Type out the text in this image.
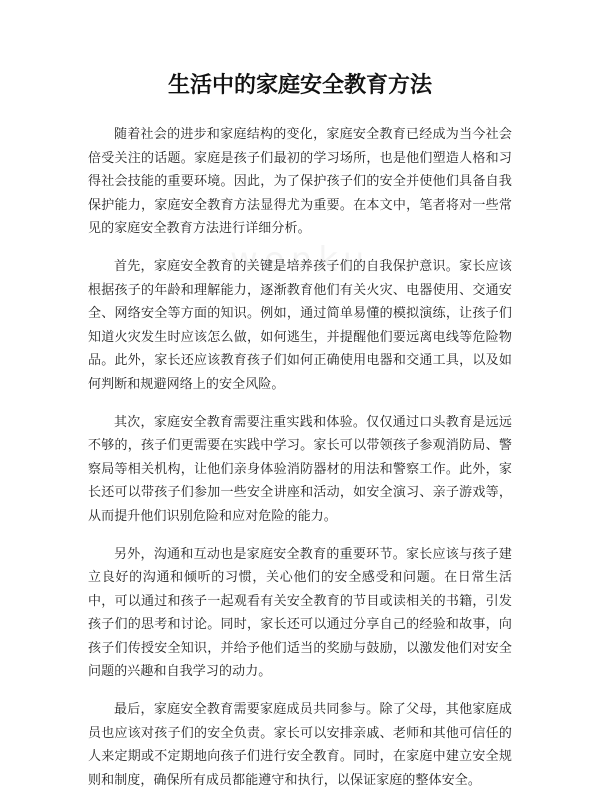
生活中的家庭安全教育方法

随着社会的进步和家庭结构的变化，家庭安全教育已经成为当今社会倍受关注的话题。家庭是孩子们最初的学习场所，也是他们塑造人格和习得社会技能的重要环境。因此，为了保护孩子们的安全并使他们具备自我保护能力，家庭安全教育方法显得尤为重要。在本文中，笔者将对一些常见的家庭安全教育方法进行详细分析。

首先，家庭安全教育的关键是培养孩子们的自我保护意识。家长应该根据孩子的年龄和理解能力，逐渐教育他们有关火灾、电器使用、交通安全、网络安全等方面的知识。例如，通过简单易懂的模拟演练，让孩子们知道火灾发生时应该怎么做，如何逃生，并提醒他们要远离电线等危险物品。此外，家长还应该教育孩子们如何正确使用电器和交通工具，以及如何判断和规避网络上的安全风险。

其次，家庭安全教育需要注重实践和体验。仅仅通过口头教育是远远不够的，孩子们更需要在实践中学习。家长可以带领孩子参观消防局、警察局等相关机构，让他们亲身体验消防器材的用法和警察工作。此外，家长还可以带孩子们参加一些安全讲座和活动，如安全演习、亲子游戏等，从而提升他们识别危险和应对危险的能力。

另外，沟通和互动也是家庭安全教育的重要环节。家长应该与孩子建立良好的沟通和倾听的习惯，关心他们的安全感受和问题。在日常生活中，可以通过和孩子一起观看有关安全教育的节目或读相关的书籍，引发孩子们的思考和讨论。同时，家长还可以通过分享自己的经验和故事，向孩子们传授安全知识，并给予他们适当的奖励与鼓励，以激发他们对安全问题的兴趣和自我学习的动力。

最后，家庭安全教育需要家庭成员共同参与。除了父母，其他家庭成员也应该对孩子们的安全负责。家长可以安排亲戚、老师和其他可信任的人来定期或不定期地向孩子们进行安全教育。同时，在家庭中建立安全规则和制度，确保所有成员都能遵守和执行，以保证家庭的整体安全。
